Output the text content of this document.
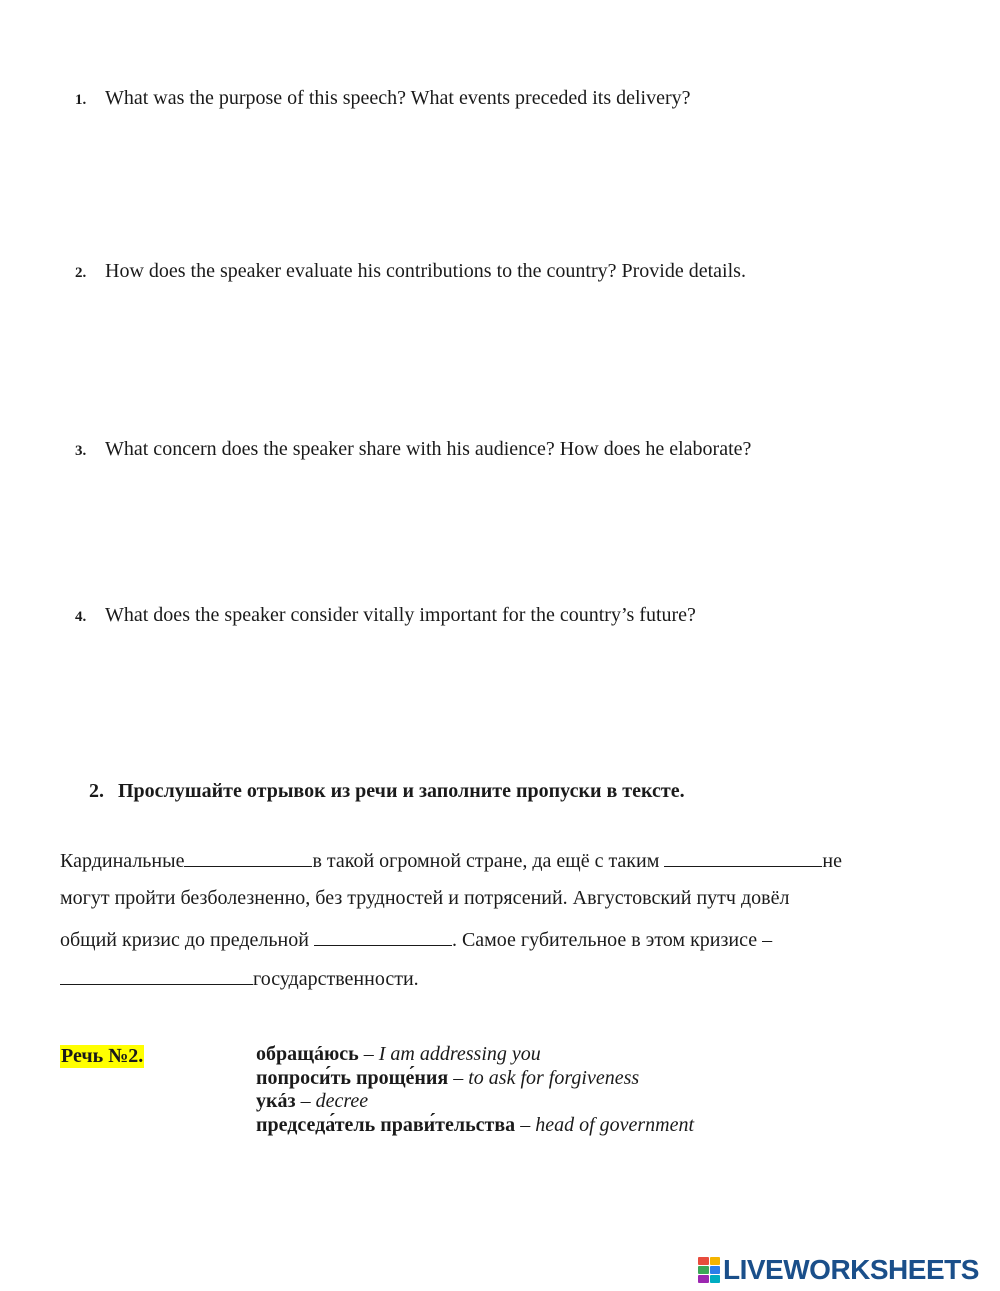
1. What was the purpose of this speech? What events preceded its delivery?
2. How does the speaker evaluate his contributions to the country? Provide details.
3. What concern does the speaker share with his audience? How does he elaborate?
4. What does the speaker consider vitally important for the country’s future?
2. Прослушайте отрывок из речи и заполните пропуски в тексте.
Кардинальные	в такой огромной стране, да ещё с таким	не
могут пройти безболезненно, без трудностей и потрясений. Августовский путч довёл
общий кризис до предельной	. Самое губительное в этом кризисе –
государственности.
Речь №2.	обращáюсь – I am addressing you
попроси́ть проще́ния – to ask for forgiveness
укáз – decree
председа́тель прави́тельства – head of government
LIVEWORKSHEETS
